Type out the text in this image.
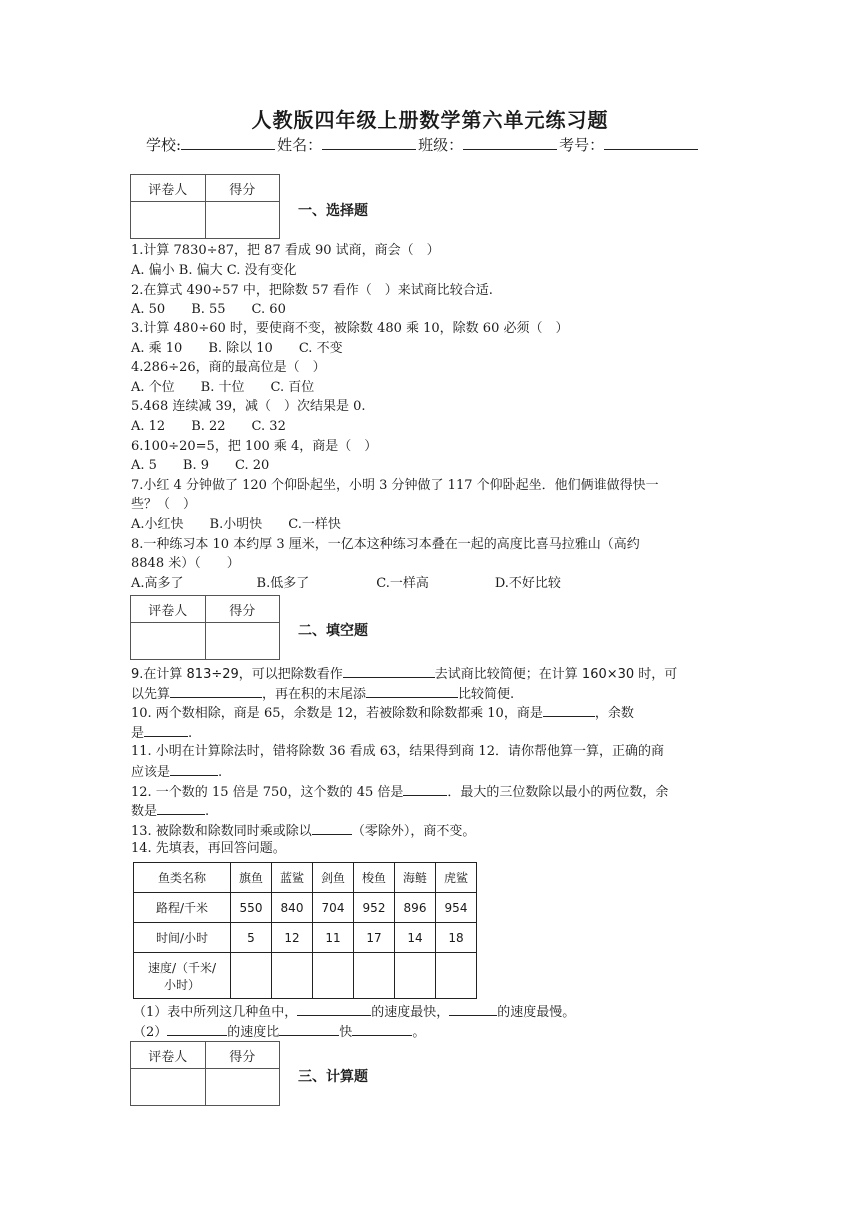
人教版四年级上册数学第六单元练习题
学校:	姓名：	班级：	考号：
评卷人	得分

一、选择题
1.计算 7830÷87，把 87 看成 90 试商，商会（　）
A. 偏小 B. 偏大 C. 没有变化
2.在算式 490÷57 中，把除数 57 看作（　）来试商比较合适.
A. 50　　B. 55　　C. 60
3.计算 480÷60 时，要使商不变，被除数 480 乘 10，除数 60 必须（　）
A. 乘 10　　B. 除以 10　　C. 不变
4.286÷26，商的最高位是（　）
A. 个位　　B. 十位　　C. 百位
5.468 连续减 39，减（　）次结果是 0.
A. 12　　B. 22　　C. 32
6.100÷20=5，把 100 乘 4，商是（　）
A. 5　　B. 9　　C. 20
7.小红 4 分钟做了 120 个仰卧起坐，小明 3 分钟做了 117 个仰卧起坐．他们俩谁做得快一
些？（　）
A.小红快　　B.小明快　　C.一样快
8.一种练习本 10 本约厚 3 厘米，一亿本这种练习本叠在一起的高度比喜马拉雅山（高约
8848 米）（　　）
A.高多了	B.低多了	C.一样高	D.不好比较
评卷人	得分

二、填空题
9.在计算 813÷29，可以把除数看作	去试商比较简便；在计算 160×30 时，可
以先算	，再在积的末尾添	比较简便.
10. 两个数相除，商是 65，余数是 12，若被除数和除数都乘 10，商是	，余数
是	.
11. 小明在计算除法时，错将除数 36 看成 63，结果得到商 12．请你帮他算一算，正确的商
应该是	.
12. 一个数的 15 倍是 750，这个数的 45 倍是	．最大的三位数除以最小的两位数，余
数是	.
13. 被除数和除数同时乘或除以	（零除外），商不变。
14. 先填表，再回答问题。
鱼类名称	旗鱼	蓝鲨	剑鱼	梭鱼	海鲢	虎鲨
路程/千米	550	840	704	952	896	954
时间/小时	5	12	11	17	14	18
速度/（千米/
小时）						
（1）表中所列这几种鱼中，	的速度最快，	的速度最慢。
（2）	的速度比	快	。
评卷人	得分

三、计算题
